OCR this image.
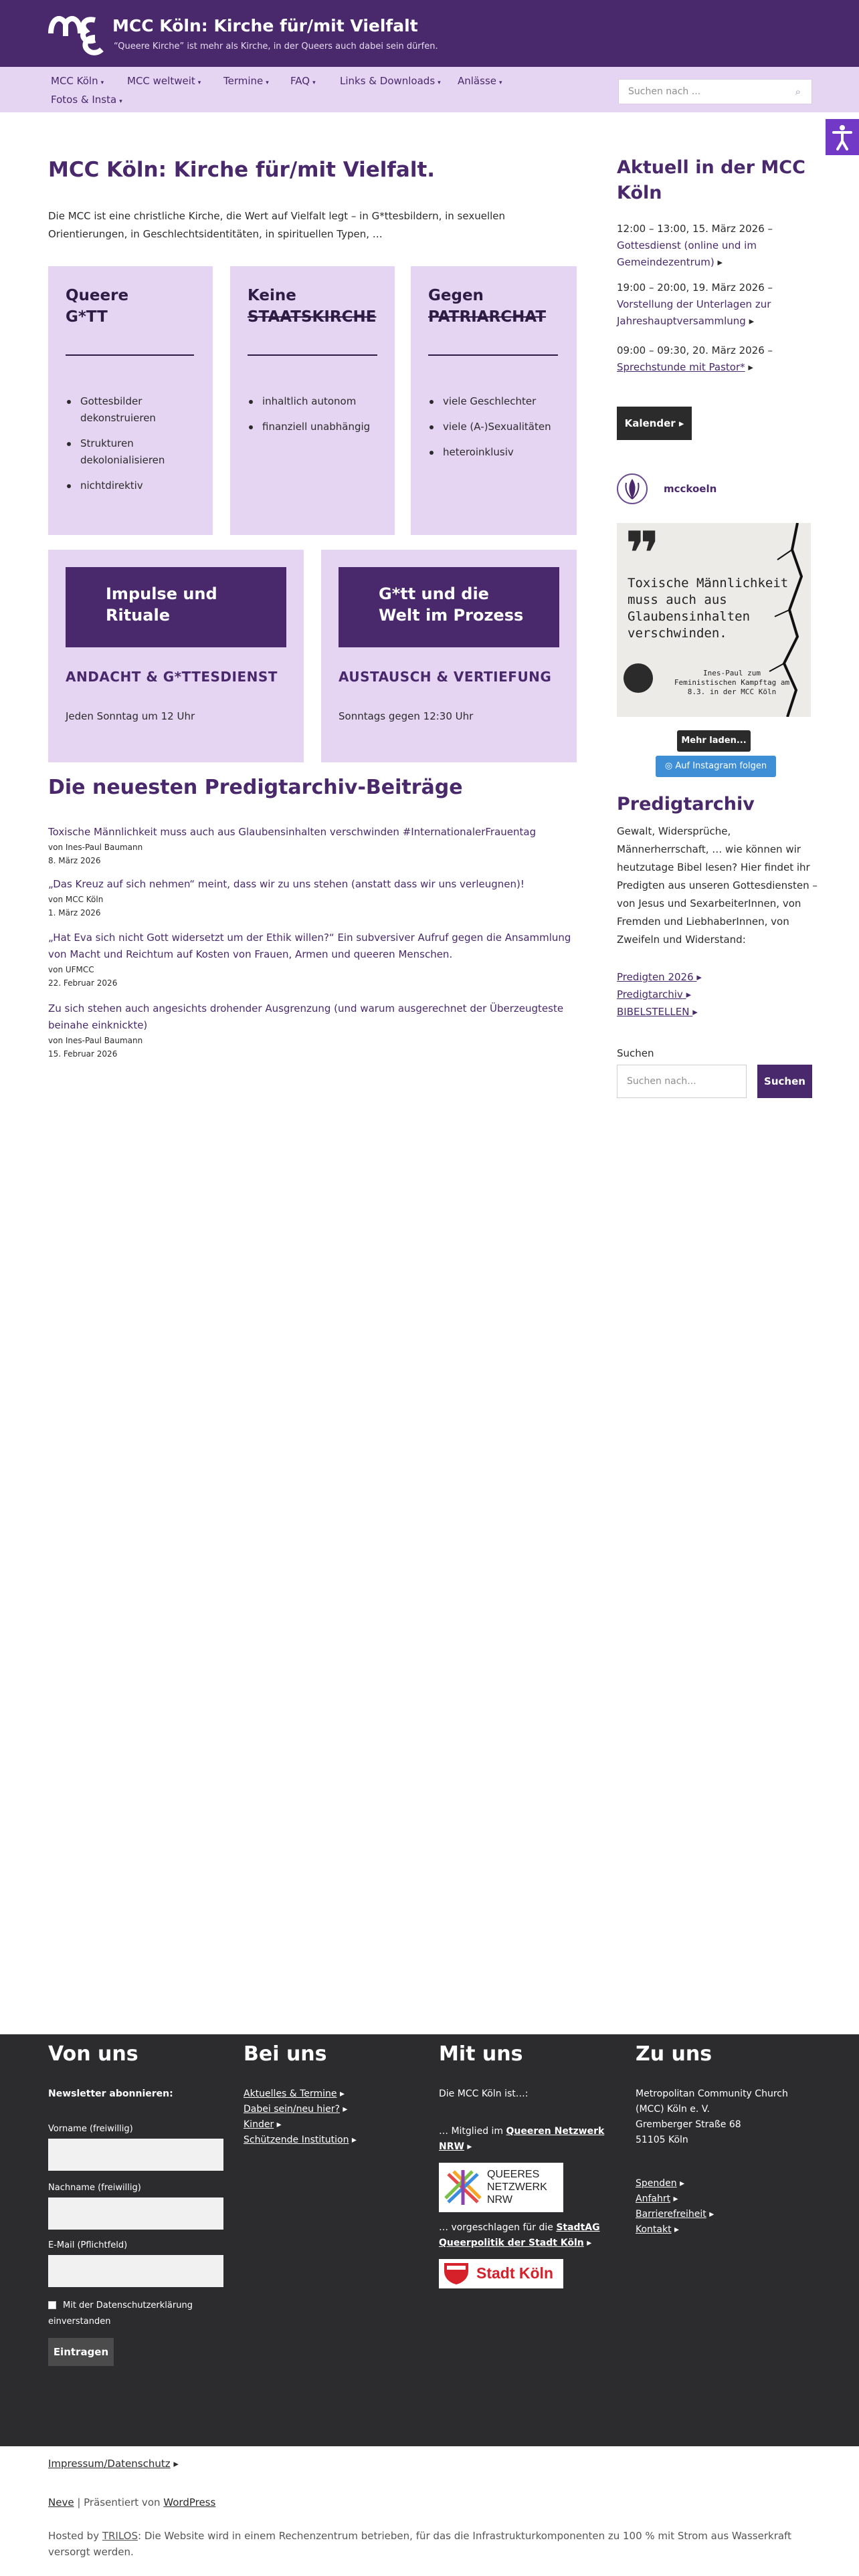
MCC Köln: Kirche für/mit Vielfalt
“Queere Kirche” ist mehr als Kirche, in der Queers auch dabei sein dürfen.
MCC Köln ▾ MCC weltweit ▾ Termine ▾ FAQ ▾ Links & Downloads ▾ Anlässe ▾
Fotos & Insta ▾
Suchen nach ...	⌕
MCC Köln: Kirche für/mit Vielfalt.

Die MCC ist eine christliche Kirche, die Wert auf Vielfalt legt – in G*ttesbildern, in sexuellen Orientierungen, in Geschlechtsidentitäten, in spirituellen Typen, …

Queere
G*TT
Gottesbilder dekonstruieren
Strukturen dekolonialisieren
nichtdirektiv
Keine
STAATSKIRCHE
inhaltlich autonom
finanziell unabhängig
Gegen
PATRIARCHAT
viele Geschlechter
viele (A-)Sexualitäten
heteroinklusiv
Impulse und
Rituale
ANDACHT & G*TTESDIENST
Jeden Sonntag um 12 Uhr
G*tt und die
Welt im Prozess
AUSTAUSCH & VERTIEFUNG
Sonntags gegen 12:30 Uhr
Die neuesten Predigtarchiv-Beiträge
Toxische Männlichkeit muss auch aus Glaubensinhalten verschwinden #InternationalerFrauentag
von Ines-Paul Baumann
8. März 2026
„Das Kreuz auf sich nehmen“ meint, dass wir zu uns stehen (anstatt dass wir uns verleugnen)!
von MCC Köln
1. März 2026
„Hat Eva sich nicht Gott widersetzt um der Ethik willen?“ Ein subversiver Aufruf gegen die Ansammlung von Macht und Reichtum auf Kosten von Frauen, Armen und queeren Menschen.
von UFMCC
22. Februar 2026
Zu sich stehen auch angesichts drohender Ausgrenzung (und warum ausgerechnet der Überzeugteste beinahe einknickte)
von Ines-Paul Baumann
15. Februar 2026
Aktuell in der MCC
Köln
12:00 – 13:00, 15. März 2026 – Gottesdienst (online und im Gemeindezentrum) ▸
19:00 – 20:00, 19. März 2026 – Vorstellung der Unterlagen zur Jahreshauptversammlung ▸
09:00 – 09:30, 20. März 2026 – Sprechstunde mit Pastor* ▸
Kalender ▸
mcckoeln
❞
Toxische Männlichkeit muss auch aus Glaubensinhalten verschwinden.
Ines-Paul zum Feministischen Kampftag am 8.3. in der MCC Köln
Mehr laden...
◎ Auf Instagram folgen
Predigtarchiv

Gewalt, Widersprüche, Männerherrschaft, … wie können wir heutzutage Bibel lesen? Hier findet ihr Predigten aus unseren Gottesdiensten – von Jesus und SexarbeiterInnen, von Fremden und LiebhaberInnen, von Zweifeln und Widerstand:

Predigten 2026 ▸
Predigtarchiv ▸
BIBELSTELLEN ▸
Suchen
Suchen nach...	Suchen
Von uns
Newsletter abonnieren:
Vorname (freiwillig)
Nachname (freiwillig)
E-Mail (Pflichtfeld)
Mit der Datenschutzerklärung einverstanden
Eintragen
Bei uns
Aktuelles & Termine ▸
Dabei sein/neu hier? ▸
Kinder ▸
Schützende Institution ▸
Mit uns
Die MCC Köln ist…:
… Mitglied im Queeren Netzwerk NRW ▸
QUEERES
NETZWERK
NRW
… vorgeschlagen für die StadtAG Queerpolitik der Stadt Köln ▸
Stadt Köln
Zu uns
Metropolitan Community Church
(MCC) Köln e. V.
Gremberger Straße 68
51105 Köln
Spenden ▸
Anfahrt ▸
Barrierefreiheit ▸
Kontakt ▸
Impressum/Datenschutz ▸
Neve | Präsentiert von WordPress
Hosted by TRILOS: Die Website wird in einem Rechenzentrum betrieben, für das die Infrastrukturkomponenten zu 100 % mit Strom aus Wasserkraft versorgt werden.
